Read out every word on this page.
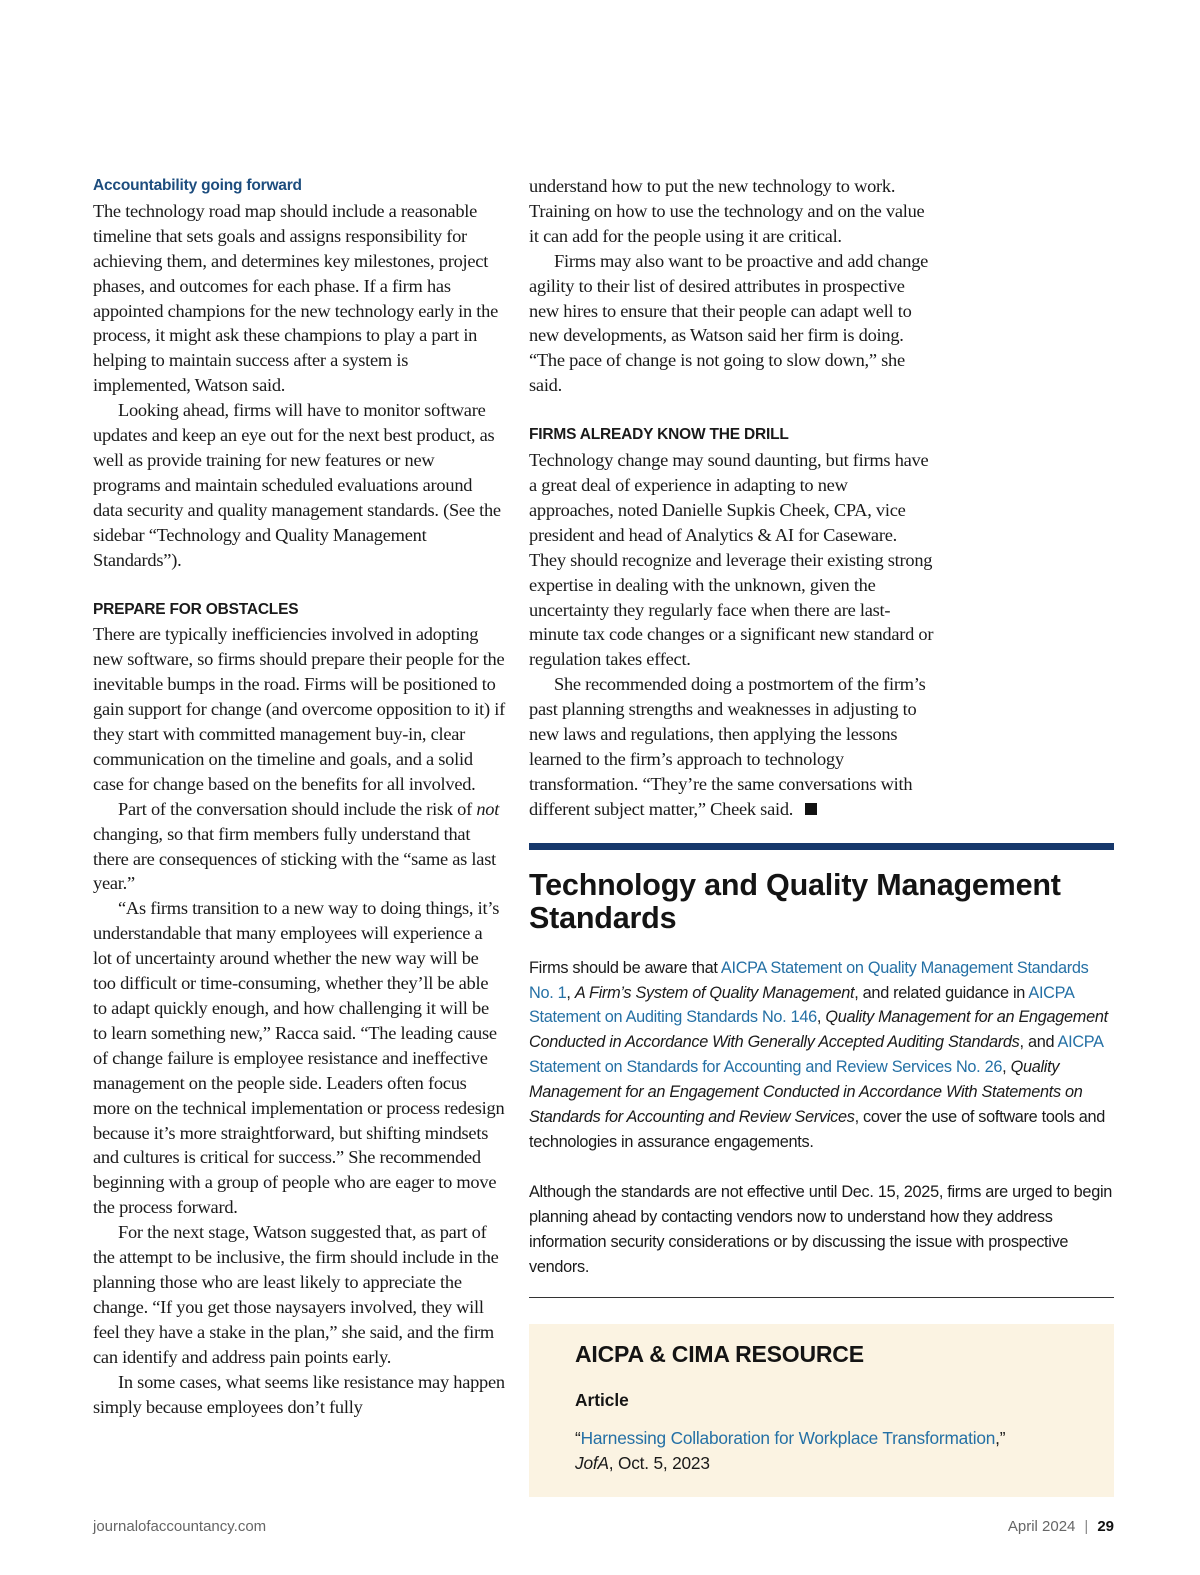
Accountability going forward

The technology road map should include a reasonable timeline that sets goals and assigns responsibility for achieving them, and determines key milestones, project phases, and outcomes for each phase. If a firm has appointed champions for the new technology early in the process, it might ask these champions to play a part in helping to maintain success after a system is implemented, Watson said.

Looking ahead, firms will have to monitor software updates and keep an eye out for the next best product, as well as provide training for new features or new programs and maintain scheduled evaluations around data security and quality management standards. (See the sidebar “Technology and Quality Management Standards”).

PREPARE FOR OBSTACLES

There are typically inefficiencies involved in adopting new software, so firms should prepare their people for the inevitable bumps in the road. Firms will be positioned to gain support for change (and overcome opposition to it) if they start with committed management buy-in, clear communication on the timeline and goals, and a solid case for change based on the benefits for all involved.

Part of the conversation should include the risk of not changing, so that firm members fully understand that there are consequences of sticking with the “same as last year.”

“As firms transition to a new way to doing things, it’s understandable that many employees will experience a lot of uncertainty around whether the new way will be too difficult or time-consuming, whether they’ll be able to adapt quickly enough, and how challenging it will be to learn something new,” Racca said. “The leading cause of change failure is employee resistance and ineffective management on the people side. Leaders often focus more on the technical implementation or process redesign because it’s more straightforward, but shifting mindsets and cultures is critical for success.” She recommended beginning with a group of people who are eager to move the process forward.

For the next stage, Watson suggested that, as part of the attempt to be inclusive, the firm should include in the planning those who are least likely to appreciate the change. “If you get those naysayers involved, they will feel they have a stake in the plan,” she said, and the firm can identify and address pain points early.

In some cases, what seems like resistance may happen simply because employees don’t fully

understand how to put the new technology to work. Training on how to use the technology and on the value it can add for the people using it are critical.

Firms may also want to be proactive and add change agility to their list of desired attributes in prospective new hires to ensure that their people can adapt well to new developments, as Watson said her firm is doing. “The pace of change is not going to slow down,” she said.

FIRMS ALREADY KNOW THE DRILL

Technology change may sound daunting, but firms have a great deal of experience in adapting to new approaches, noted Danielle Supkis Cheek, CPA, vice president and head of Analytics & AI for Caseware. They should recognize and leverage their existing strong expertise in dealing with the unknown, given the uncertainty they regularly face when there are last-minute tax code changes or a significant new standard or regulation takes effect.

She recommended doing a postmortem of the firm’s past planning strengths and weaknesses in adjusting to new laws and regulations, then applying the lessons learned to the firm’s approach to technology transformation. “They’re the same conversations with different subject matter,” Cheek said.

Technology and Quality Management Standards

Firms should be aware that AICPA Statement on Quality Management Standards No. 1, A Firm’s System of Quality Management, and related guidance in AICPA Statement on Auditing Standards No. 146, Quality Management for an Engagement Conducted in Accordance With Generally Accepted Auditing Standards, and AICPA Statement on Standards for Accounting and Review Services No. 26, Quality Management for an Engagement Conducted in Accordance With Statements on Standards for Accounting and Review Services, cover the use of software tools and technologies in assurance engagements.

Although the standards are not effective until Dec. 15, 2025, firms are urged to begin planning ahead by contacting vendors now to understand how they address information security considerations or by discussing the issue with prospective vendors.

AICPA & CIMA RESOURCE
Article
“Harnessing Collaboration for Workplace Transformation,”
JofA, Oct. 5, 2023
journalofaccountancy.com	April 2024 | 29
